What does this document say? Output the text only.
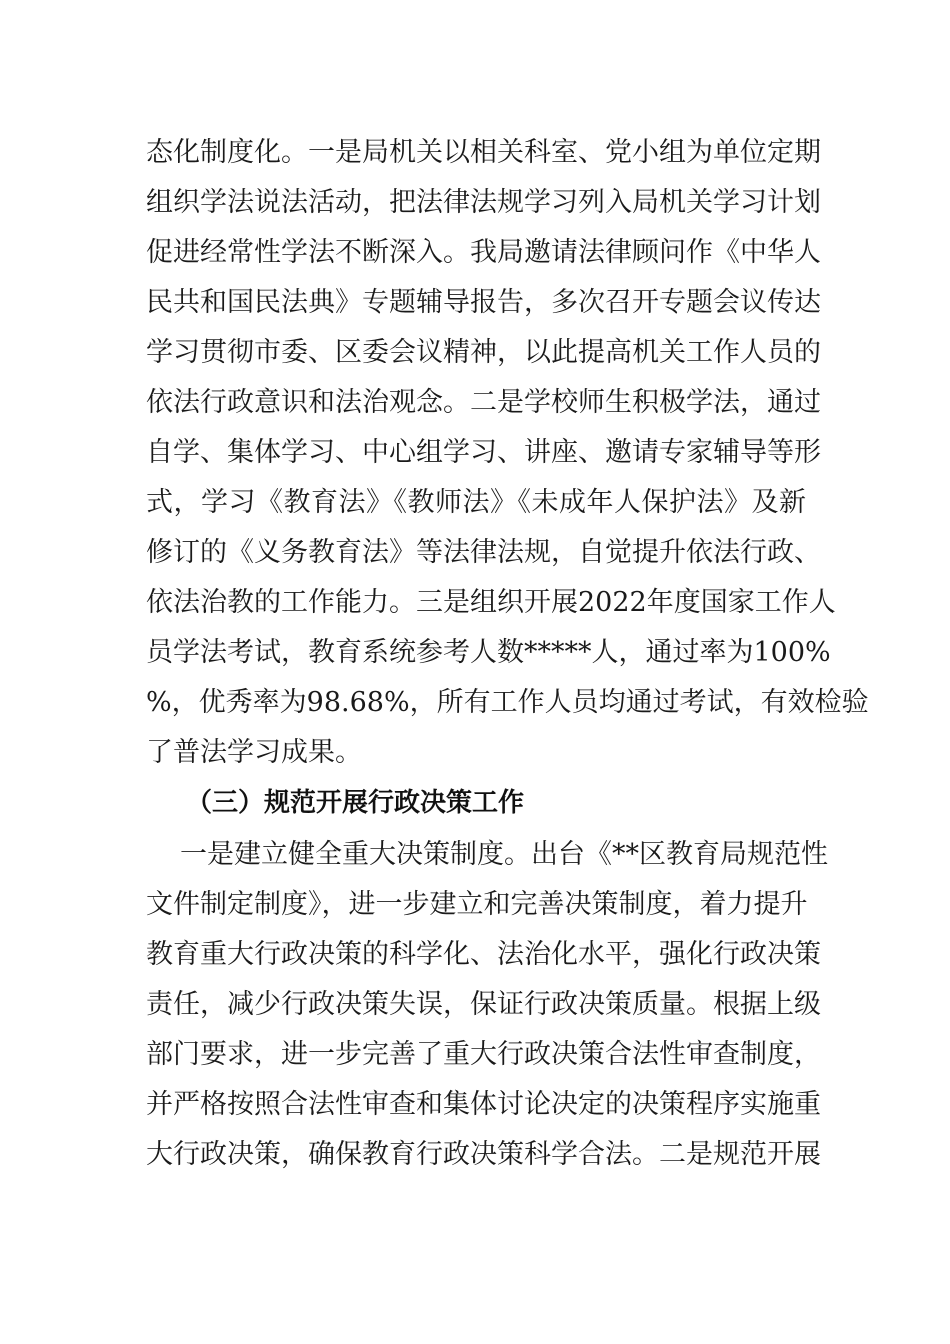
态化制度化。一是局机关以相关科室、党小组为单位定期
组织学法说法活动，把法律法规学习列入局机关学习计划
促进经常性学法不断深入。我局邀请法律顾问作《中华人
民共和国民法典》专题辅导报告，多次召开专题会议传达
学习贯彻市委、区委会议精神，以此提高机关工作人员的
依法行政意识和法治观念。二是学校师生积极学法，通过
自学、集体学习、中心组学习、讲座、邀请专家辅导等形
式，学习《教育法》《教师法》《未成年人保护法》及新
修订的《义务教育法》等法律法规，自觉提升依法行政、
依法治教的工作能力。三是组织开展2022年度国家工作人
员学法考试，教育系统参考人数*****人，通过率为100%
%，优秀率为98.68%，所有工作人员均通过考试，有效检验
了普法学习成果。
（三）规范开展行政决策工作
一是建立健全重大决策制度。出台《**区教育局规范性
文件制定制度》，进一步建立和完善决策制度，着力提升
教育重大行政决策的科学化、法治化水平，强化行政决策
责任，减少行政决策失误，保证行政决策质量。根据上级
部门要求，进一步完善了重大行政决策合法性审查制度，
并严格按照合法性审查和集体讨论决定的决策程序实施重
大行政决策，确保教育行政决策科学合法。二是规范开展
